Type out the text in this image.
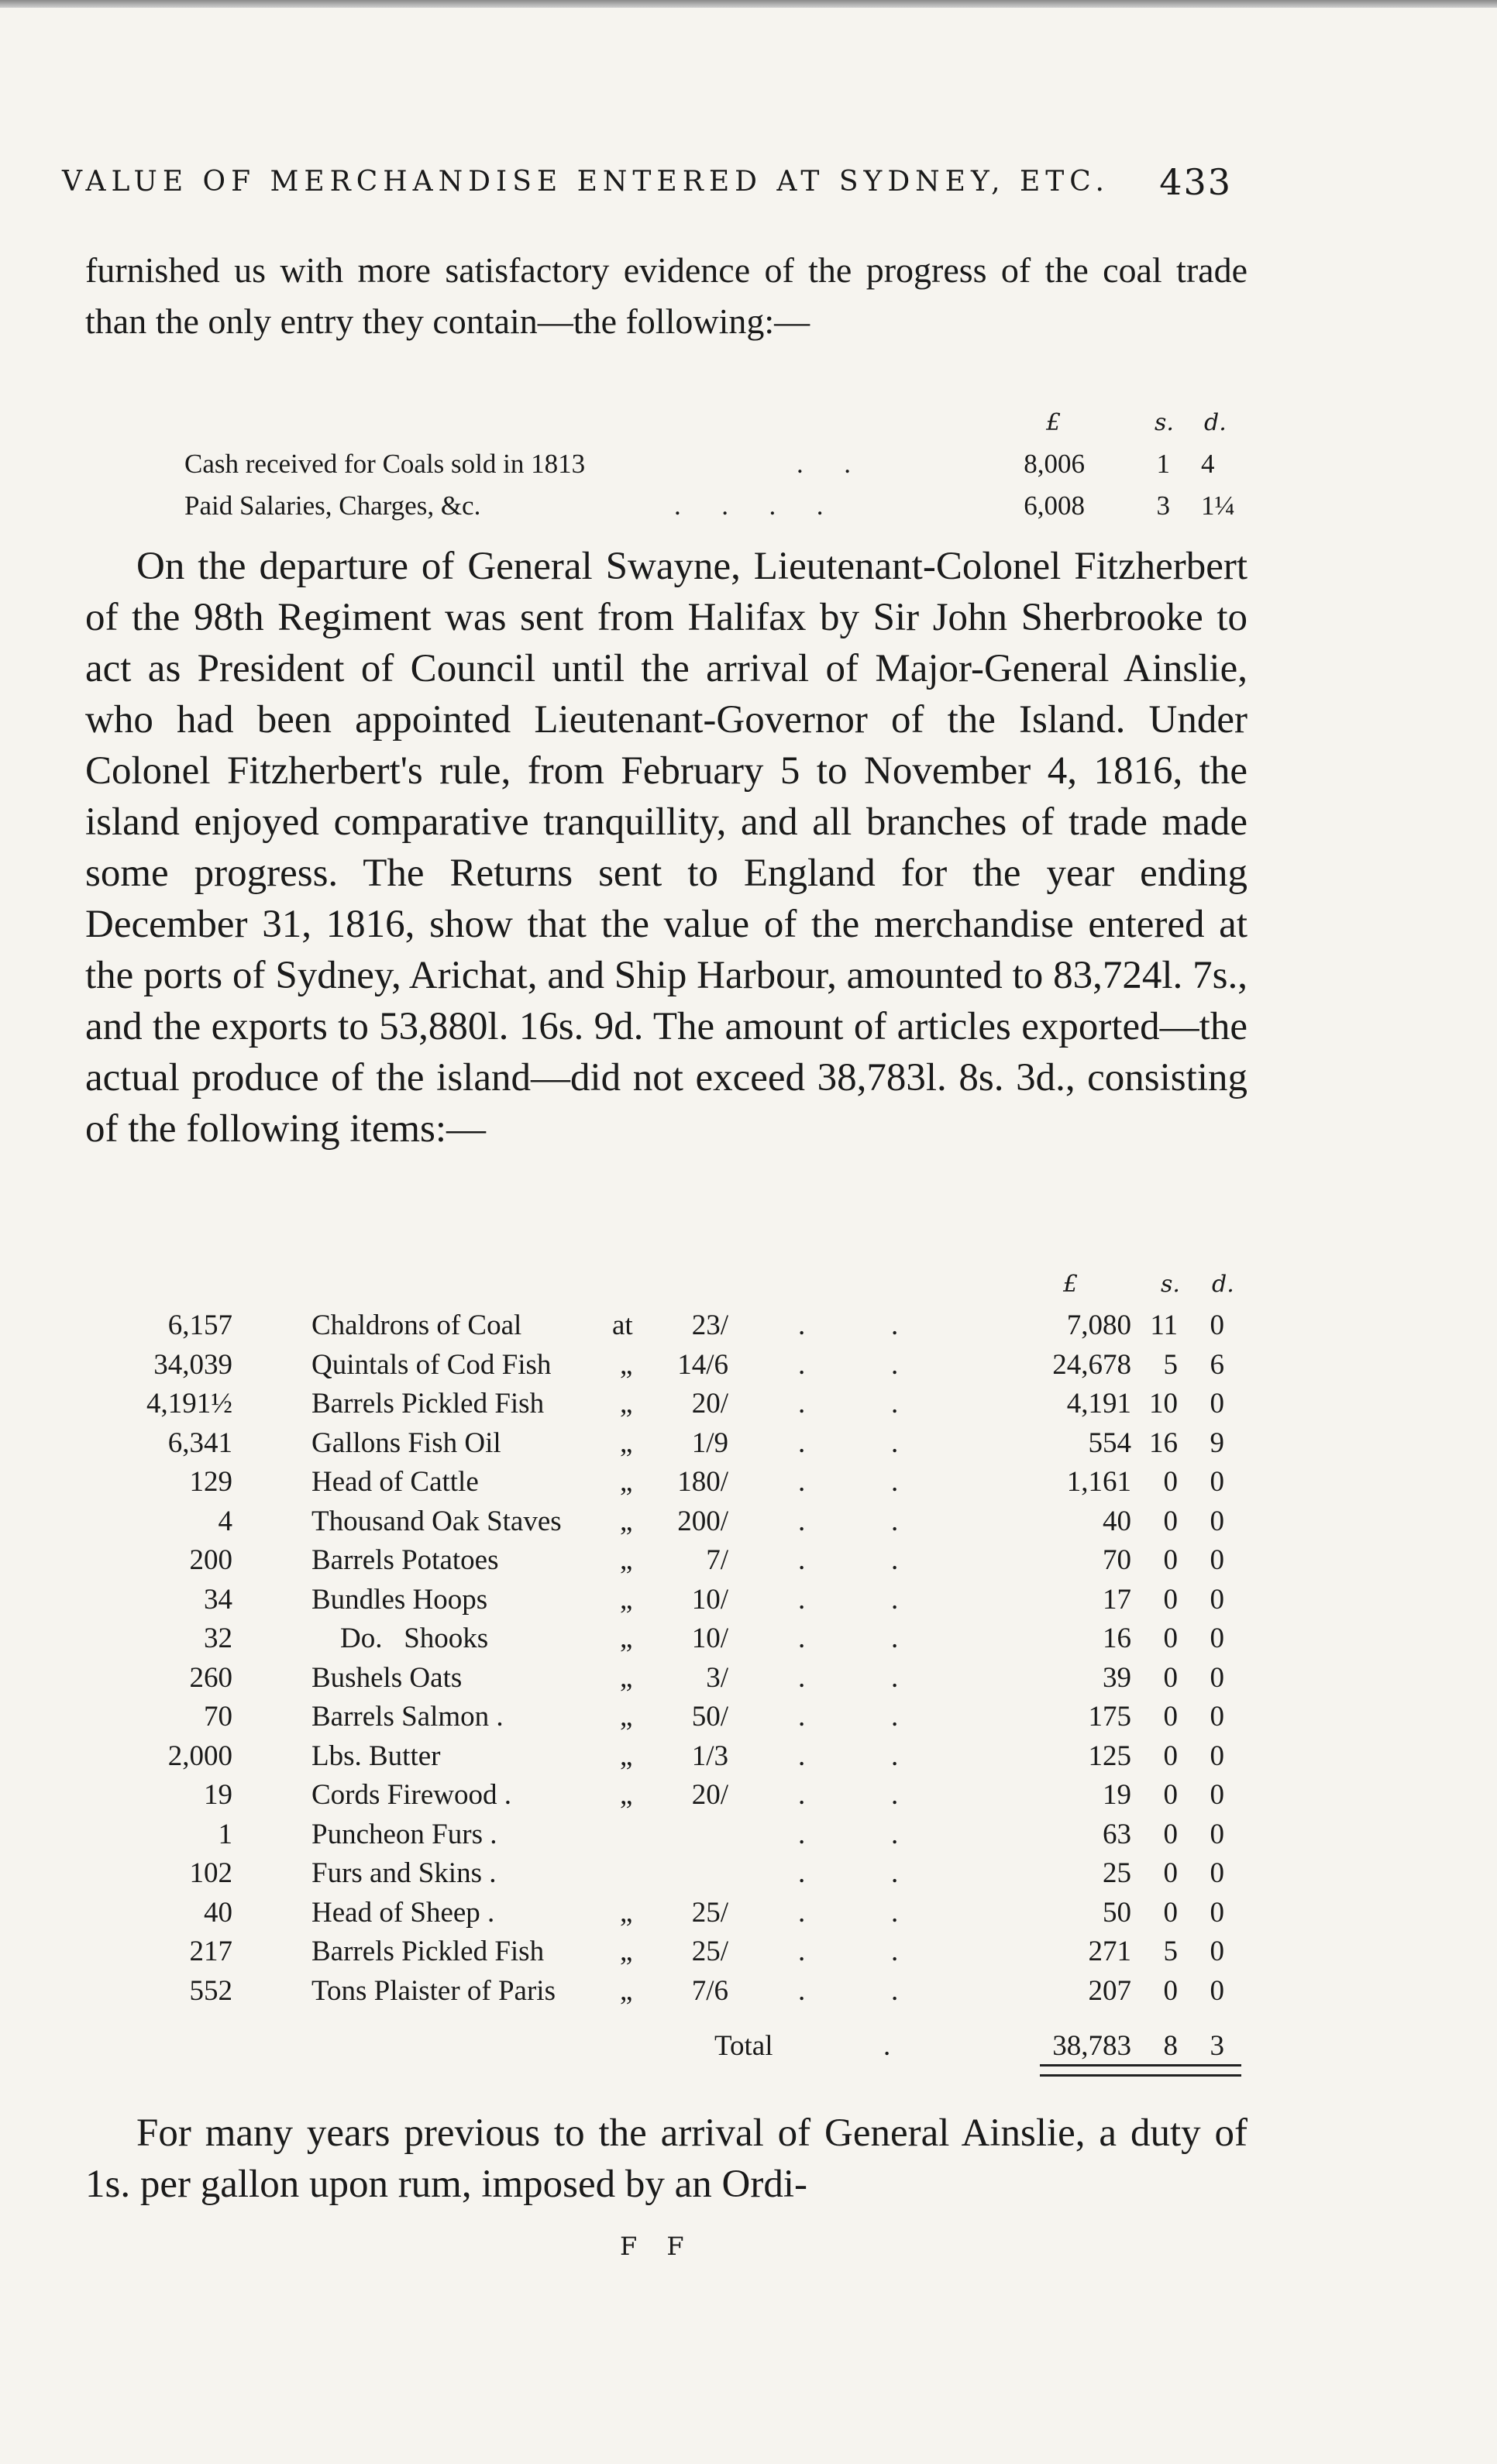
VALUE OF MERCHANDISE ENTERED AT SYDNEY, ETC. 433

furnished us with more satisfactory evidence of the progress of the coal trade than the only entry they contain—the following:—

£	s. d.
Cash received for Coals sold in 1813	.      .	8,006	1 4
Paid Salaries, Charges, &c.	.      .      .      .	6,008	3 1¼

On the departure of General Swayne, Lieutenant-Colonel Fitzherbert of the 98th Regiment was sent from Halifax by Sir John Sherbrooke to act as President of Council until the arrival of Major-General Ainslie, who had been appointed Lieutenant-Governor of the Island. Under Colonel Fitzherbert's rule, from February 5 to November 4, 1816, the island enjoyed comparative tranquillity, and all branches of trade made some progress. The Returns sent to England for the year ending December 31, 1816, show that the value of the merchandise entered at the ports of Sydney, Arichat, and Ship Harbour, amounted to 83,724l. 7s., and the exports to 53,880l. 16s. 9d. The amount of articles exported—the actual produce of the island—did not exceed 38,783l. 8s. 3d., consisting of the following items:—

£	s. d.
6,157	Chaldrons of Coal	at	23/ .	.	7,080 11	0
34,039	Quintals of Cod Fish „	14/6 .	.	24,678	5	6
4,191½	Barrels Pickled Fish	„	20/ .	.	4,191 10	0
6,341	Gallons Fish Oil	„	1/9 .	.	554 16	9
129	Head of Cattle	„	180/ .	.	1,161	0	0
4	Thousand Oak Staves „	200/ .	.	40	0	0
200	Barrels Potatoes	„	7/ .	.	70	0	0
34	Bundles Hoops	„	10/ .	.	17	0	0
32	Do.   Shooks	„	10/ .	.	16	0	0
260	Bushels Oats	„	3/ .	.	39	0	0
70	Barrels Salmon .	„	50/ .	.	175	0	0
2,000	Lbs. Butter	„	1/3 .	.	125	0	0
19	Cords Firewood .	„	20/ .	.	19	0	0
1	Puncheon Furs .	.	.	63	0	0
102	Furs and Skins .	.	.	25	0	0
40	Head of Sheep .	„	25/ .	.	50	0	0
217	Barrels Pickled Fish	„	25/ .	.	271	5	0
552	Tons Plaister of Paris „	7/6 .	.	207	0	0
Total	.	38,783	8	3

For many years previous to the arrival of General Ainslie, a duty of 1s. per gallon upon rum, imposed by an Ordi-

F F
